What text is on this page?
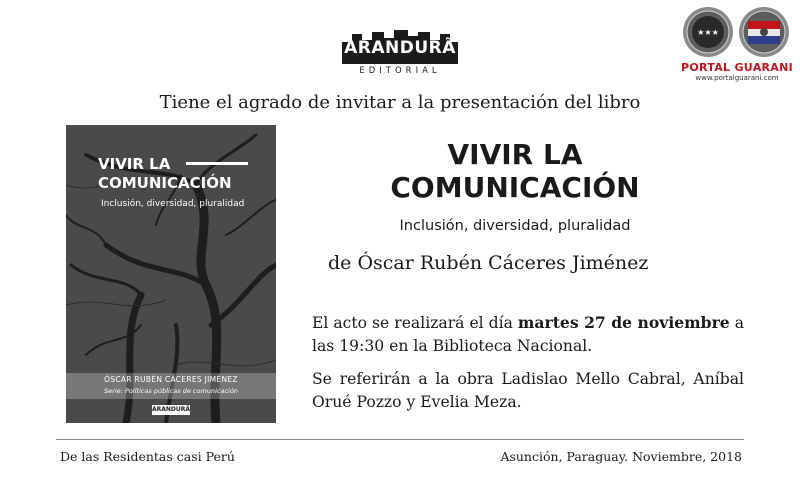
ARANDURÃ
EDITORIAL
★★★
PORTAL GUARANI
www.portalguarani.com
Tiene el agrado de invitar a la presentación del libro
VIVIR LA
COMUNICACIÓN
Inclusión, diversidad, pluralidad
ÓSCAR RUBÉN CÁCERES JIMÉNEZ
Serie: Políticas públicas de comunicación
ARANDURÃ
VIVIR LA
COMUNICACIÓN
Inclusión, diversidad, pluralidad
de Óscar Rubén Cáceres Jiménez
El acto se realizará el día martes 27 de noviembre a las 19:30 en la Biblioteca Nacional.
Se referirán a la obra Ladislao Mello Cabral, Aníbal Orué Pozzo y Evelia Meza.
De las Residentas casi Perú	Asunción, Paraguay. Noviembre, 2018
